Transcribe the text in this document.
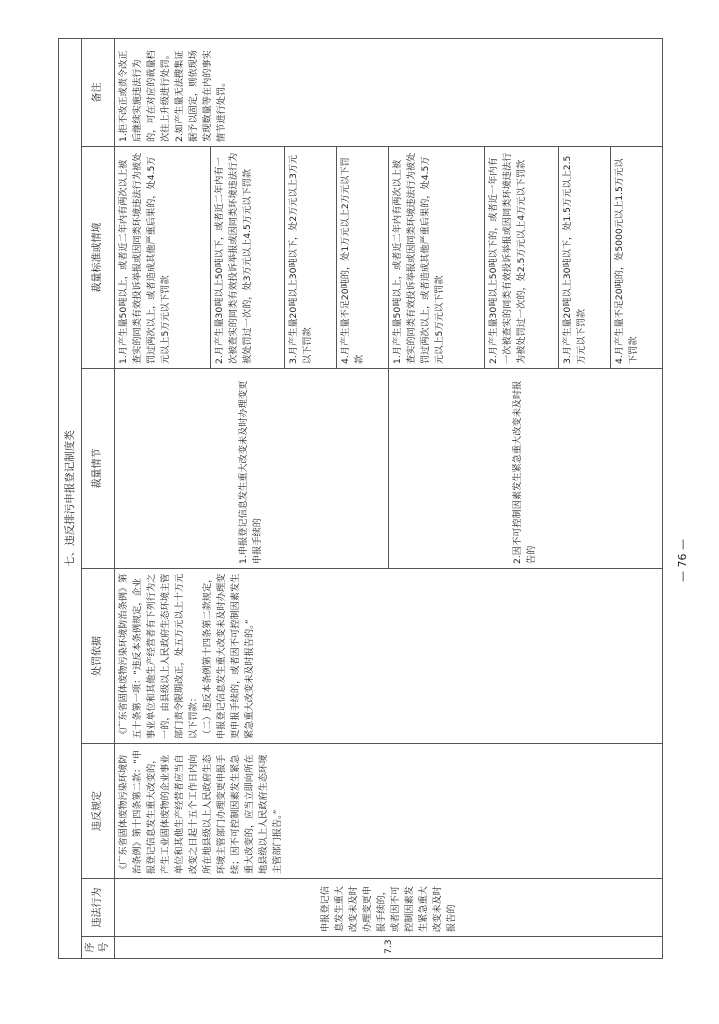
七、违反排污申报登记制度类						
序号	违法行为	违反规定	处罚依据	裁量情节	裁量标准或情境	备注
7.3	申报登记信息发生重大改变未及时办理变更申报手续的，或者因不可控制因素发生紧急重大改变未及时报告的	《广东省固体废物污染环境防治条例》第十四条第二款：“申报登记信息发生重大改变的，产生工业固体废物的企业事业单位和其他生产经营者应当自改变之日起十五个工作日内向所在地县级以上人民政府生态环境主管部门办理变更申报手续；因不可控制因素发生紧急重大改变的，应当立即向所在地县级以上人民政府生态环境主管部门报告。”	《广东省固体废物污染环境防治条例》第五十条第一项：“违反本条例规定，企业事业单位和其他生产经营者有下列行为之一的，由县级以上人民政府生态环境主管部门责令限期改正，处五万元以上十万元以下罚款：
（二）违反本条例第十四条第二款规定，申报登记信息发生重大改变未及时办理变更申报手续的，或者因不可控制因素发生紧急重大改变未及时报告的。”	1.申报登记信息发生重大改变未及时办理变更申报手续的	1.月产生量50吨以上，或者近二年内有两次以上被查实的同类有效投诉举报或因同类环境违法行为被处罚过两次以上，或者造成其他严重后果的，处4.5万元以上5万元以下罚款	1.拒不改正或责令改正后继续实施违法行为的，可在对应的裁量档次往上升级进行处罚。
2.如产生量无法搜集证据予以固定，则依现场发现数量等在内的事实情节进行处罚。

					2.月产生量30吨以上50吨以下，或者近二年内有一次被查实的同类有效投诉举报或因同类环境违法行为被处罚过一次的，处3万元以上4.5万元以下罚款	
					3.月产生量20吨以上30吨以下，处2万元以上3万元以下罚款	
					4.月产生量不足20吨的，处1万元以上2万元以下罚款	
				2.因不可控制因素发生紧急重大改变未及时报告的	1.月产生量50吨以上，或者近二年内有两次以上被查实的同类有效投诉举报或因同类环境违法行为被处罚过两次以上，或者造成其他严重后果的，处4.5万元以上5万元以下罚款	
					2.月产生量30吨以上50吨以下的，或者近一年内有一次被查实的同类有效投诉举报或因同类环境违法行为被处罚过一次的，处2.5万元以上4万元以下罚款	
					3.月产生量20吨以上30吨以下，处1.5万元以上2.5万元以下罚款	
					4.月产生量不足20吨的，处5000元以上1.5万元以下罚款	
— 76 —
